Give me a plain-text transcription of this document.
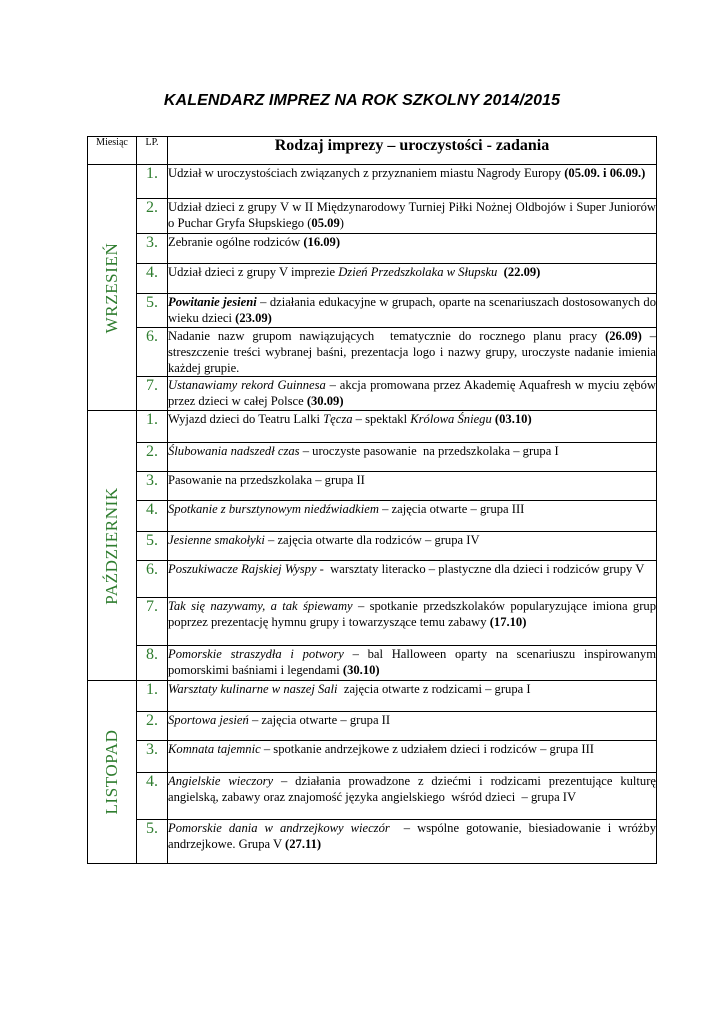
KALENDARZ IMPREZ NA ROK SZKOLNY 2014/2015
Miesiąc	LP.	Rodzaj imprezy – uroczystości - zadania

WRZESIEŃ	1.	Udział w uroczystościach związanych z przyznaniem miastu Nagrody Europy (05.09. i 06.09.)
	2.	Udział dzieci z grupy V w II Międzynarodowy Turniej Piłki Nożnej Oldbojów i Super Juniorów o Puchar Gryfa Słupskiego (05.09)
	3.	Zebranie ogólne rodziców (16.09)
	4.	Udział dzieci z grupy V imprezie Dzień Przedszkolaka w Słupsku (22.09)
	5.	Powitanie jesieni – działania edukacyjne w grupach, oparte na scenariuszach dostosowanych do wieku dzieci (23.09)
	6.	Nadanie nazw grupom nawiązujących  tematycznie do rocznego planu pracy (26.09) – streszczenie treści wybranej baśni, prezentacja logo i nazwy grupy, uroczyste nadanie imienia każdej grupie.
	7.	Ustanawiamy rekord Guinnesa – akcja promowana przez Akademię Aquafresh w myciu zębów przez dzieci w całej Polsce (30.09)

PAŹDZIERNIK	1.	Wyjazd dzieci do Teatru Lalki Tęcza – spektakl Królowa Śniegu (03.10)
	2.	Ślubowania nadszedł czas – uroczyste pasowanie  na przedszkolaka – grupa I
	3.	Pasowanie na przedszkolaka – grupa II
	4.	Spotkanie z bursztynowym niedźwiadkiem – zajęcia otwarte – grupa III
	5.	Jesienne smakołyki – zajęcia otwarte dla rodziców – grupa IV
	6.	Poszukiwacze Rajskiej Wyspy -  warsztaty literacko – plastyczne dla dzieci i rodziców grupy V
	7.	Tak się nazywamy, a tak śpiewamy – spotkanie przedszkolaków popularyzujące imiona grup poprzez prezentację hymnu grupy i towarzyszące temu zabawy (17.10)
	8.	Pomorskie straszydła i potwory – bal Halloween oparty na scenariuszu inspirowanym pomorskimi baśniami i legendami (30.10)

LISTOPAD	1.	Warsztaty kulinarne w naszej Sali  zajęcia otwarte z rodzicami – grupa I
	2.	Sportowa jesień – zajęcia otwarte – grupa II
	3.	Komnata tajemnic – spotkanie andrzejkowe z udziałem dzieci i rodziców – grupa III
	4.	Angielskie wieczory – działania prowadzone z dziećmi i rodzicami prezentujące kulturę angielską, zabawy oraz znajomość języka angielskiego  wśród dzieci  – grupa IV
	5.	Pomorskie dania w andrzejkowy wieczór  – wspólne gotowanie, biesiadowanie i wróżby  andrzejkowe. Grupa V (27.11)
